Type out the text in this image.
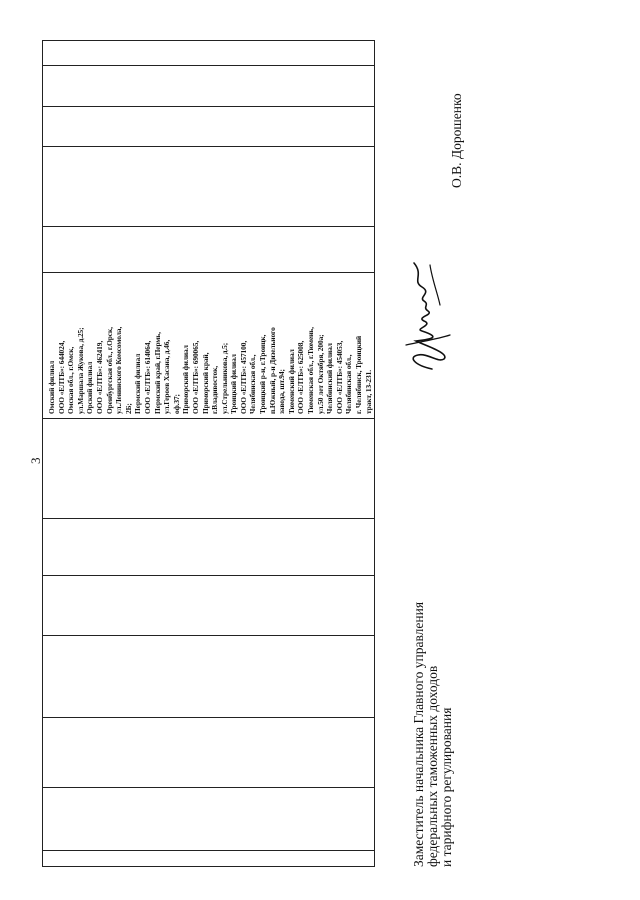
3

Омский филиал ООО «ЕЛТБ»: 644024, Омская обл., г.Омск, ул.Маршала Жукова, д.25; Орский филиал ООО «ЕЛТБ»: 462419, Оренбургская обл., г.Орск, ул.Ленинского Комсомола, 2Б; Пермский филиал ООО «ЕЛТБ»: 614064, Пермский край, г.Пермь, ул.Героев Хасана, д.46, оф.37; Приморский филиал ООО «ЕЛТБ»: 690065, Приморский край, г.Владивосток, ул.Стрельникова, д.5; Троицкий филиал ООО «ЕЛТБ»: 457100, Челябинская обл., Троицкий р-н, г.Троицк, п.Южный, р-н Дизельного завода, шт.94; Тюменский филиал ООО «ЕЛТБ»: 625008, Тюменская обл., г.Тюмень, ул.50 лет Октября, 200а; Челябинский филиал ООО «ЕЛТБ»: 454053, Челябинская обл., г. Челябинск, Троицкий тракт, 13-231.

Заместитель начальника Главного управления федеральных таможенных доходов и тарифного регулирования
О.В. Дорошенко
